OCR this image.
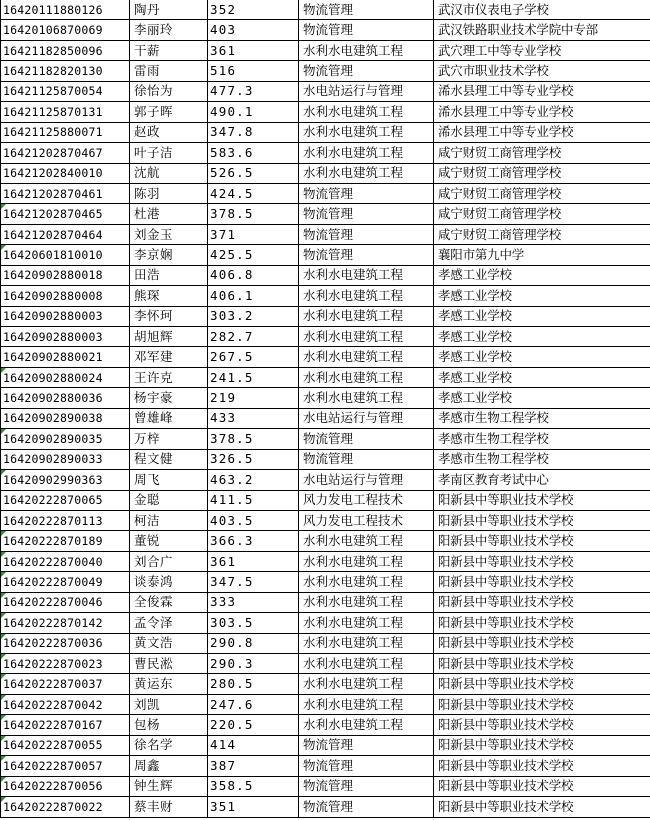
16420111880126	陶丹	352	物流管理	武汉市仪表电子学校
16420106870069	李丽玲	403	物流管理	武汉铁路职业技术学院中专部
16421182850096	干薪	361	水利水电建筑工程	武穴理工中等专业学校
16421182820130	雷雨	516	物流管理	武穴市职业技术学校
16421125870054	徐怡为	477.3	水电站运行与管理	浠水县理工中等专业学校
16421125870131	郭子晖	490.1	水利水电建筑工程	浠水县理工中等专业学校
16421125880071	赵政	347.8	水利水电建筑工程	浠水县理工中等专业学校
16421202870467	叶子洁	583.6	水利水电建筑工程	咸宁财贸工商管理学校
16421202840010	沈航	526.5	水利水电建筑工程	咸宁财贸工商管理学校
16421202870461	陈羽	424.5	物流管理	咸宁财贸工商管理学校
16421202870465	杜港	378.5	物流管理	咸宁财贸工商管理学校
16421202870464	刘金玉	371	物流管理	咸宁财贸工商管理学校
16420601810010	李京娴	425.5	物流管理	襄阳市第九中学
16420902880018	田浩	406.8	水利水电建筑工程	孝感工业学校
16420902880008	熊琛	406.1	水利水电建筑工程	孝感工业学校
16420902880003	李怀珂	303.2	水利水电建筑工程	孝感工业学校
16420902880003	胡旭辉	282.7	水利水电建筑工程	孝感工业学校
16420902880021	邓军建	267.5	水利水电建筑工程	孝感工业学校
16420902880024	王许克	241.5	水利水电建筑工程	孝感工业学校
16420902880036	杨宇豪	219	水利水电建筑工程	孝感工业学校
16420902890038	曾雄峰	433	水电站运行与管理	孝感市生物工程学校
16420902890035	万梓	378.5	物流管理	孝感市生物工程学校
16420902890033	程文健	326.5	物流管理	孝感市生物工程学校
16420902990363	周飞	463.2	水电站运行与管理	孝南区教育考试中心
16420222870065	金聪	411.5	风力发电工程技术	阳新县中等职业技术学校
16420222870113	柯洁	403.5	风力发电工程技术	阳新县中等职业技术学校
16420222870189	董锐	366.3	水利水电建筑工程	阳新县中等职业技术学校
16420222870040	刘合广	361	水利水电建筑工程	阳新县中等职业技术学校
16420222870049	谈泰鸿	347.5	水利水电建筑工程	阳新县中等职业技术学校
16420222870046	全俊霖	333	水利水电建筑工程	阳新县中等职业技术学校
16420222870142	孟令泽	303.5	水利水电建筑工程	阳新县中等职业技术学校
16420222870036	黄文浩	290.8	水利水电建筑工程	阳新县中等职业技术学校
16420222870023	曹民淞	290.3	水利水电建筑工程	阳新县中等职业技术学校
16420222870037	黄运东	280.5	水利水电建筑工程	阳新县中等职业技术学校
16420222870042	刘凯	247.6	水利水电建筑工程	阳新县中等职业技术学校
16420222870167	包杨	220.5	水利水电建筑工程	阳新县中等职业技术学校
16420222870055	徐名学	414	物流管理	阳新县中等职业技术学校
16420222870057	周鑫	387	物流管理	阳新县中等职业技术学校
16420222870056	钟生辉	358.5	物流管理	阳新县中等职业技术学校
16420222870022	蔡丰财	351	物流管理	阳新县中等职业技术学校
